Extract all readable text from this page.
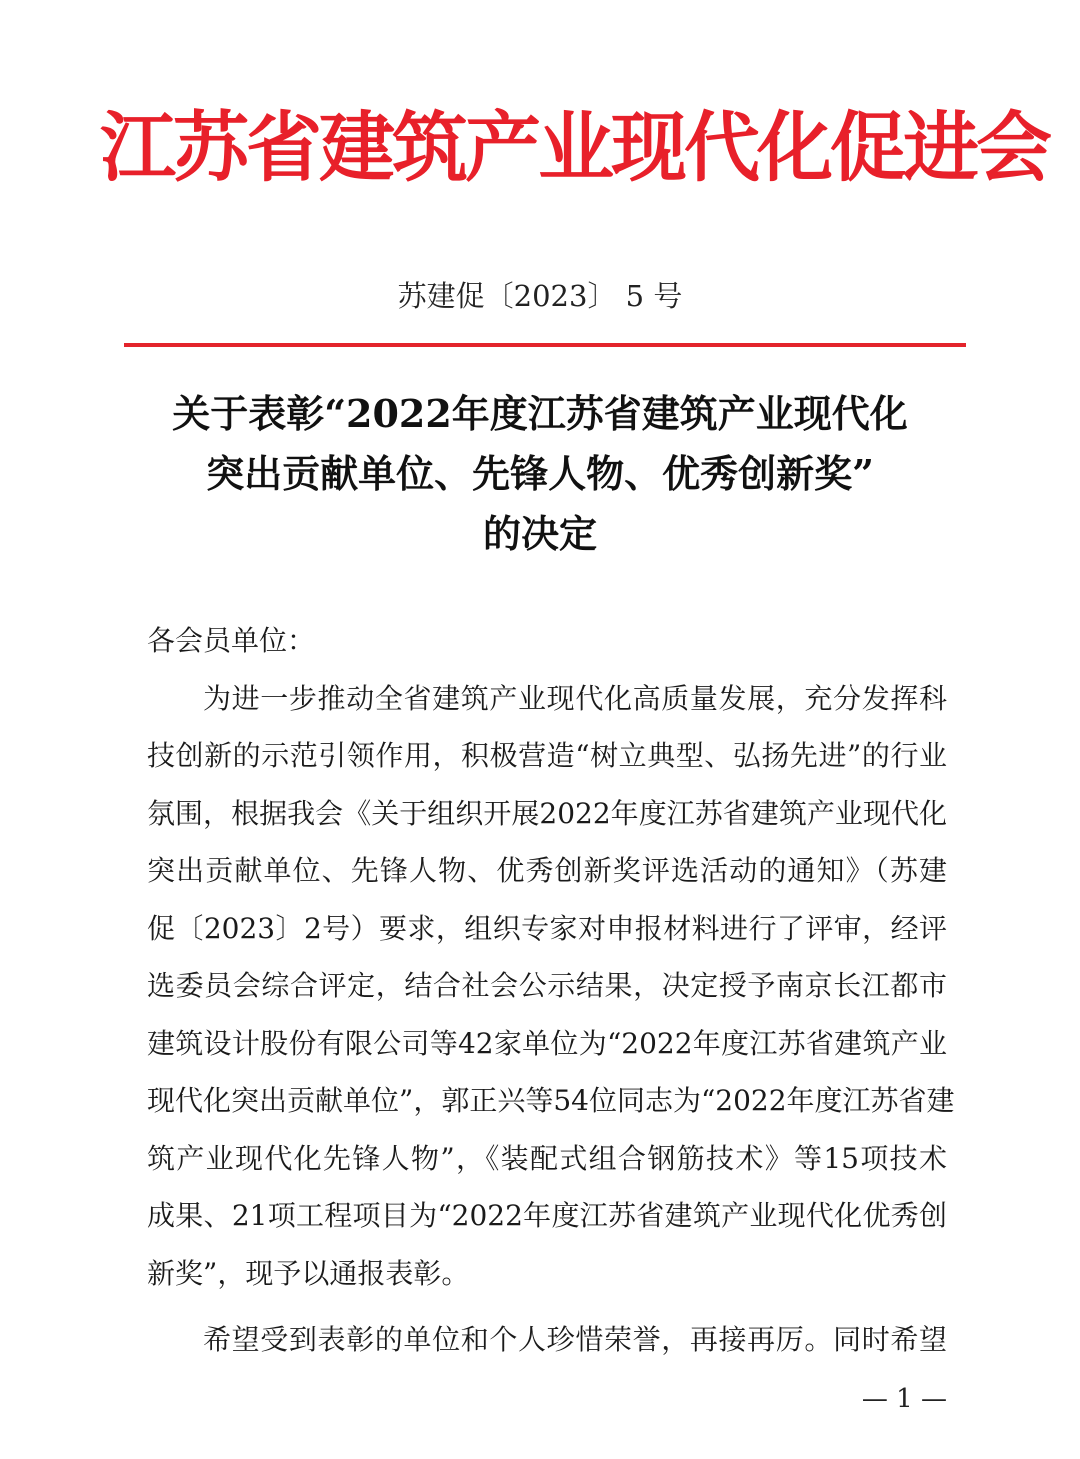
江苏省建筑产业现代化促进会
苏建促〔2023〕 5 号
关于表彰“2022年度江苏省建筑产业现代化
突出贡献单位、先锋人物、优秀创新奖”
的决定
各会员单位：
为进一步推动全省建筑产业现代化高质量发展，充分发挥科
技创新的示范引领作用，积极营造“树立典型、弘扬先进”的行业
氛围，根据我会《关于组织开展2022年度江苏省建筑产业现代化
突出贡献单位、先锋人物、优秀创新奖评选活动的通知》（苏建
促〔2023〕2号）要求，组织专家对申报材料进行了评审，经评
选委员会综合评定，结合社会公示结果，决定授予南京长江都市
建筑设计股份有限公司等42家单位为“2022年度江苏省建筑产业
现代化突出贡献单位”，郭正兴等54位同志为“2022年度江苏省建
筑产业现代化先锋人物”，《装配式组合钢筋技术》等15项技术
成果、21项工程项目为“2022年度江苏省建筑产业现代化优秀创
新奖”，现予以通报表彰。
希望受到表彰的单位和个人珍惜荣誉，再接再厉。同时希望
— 1 —
